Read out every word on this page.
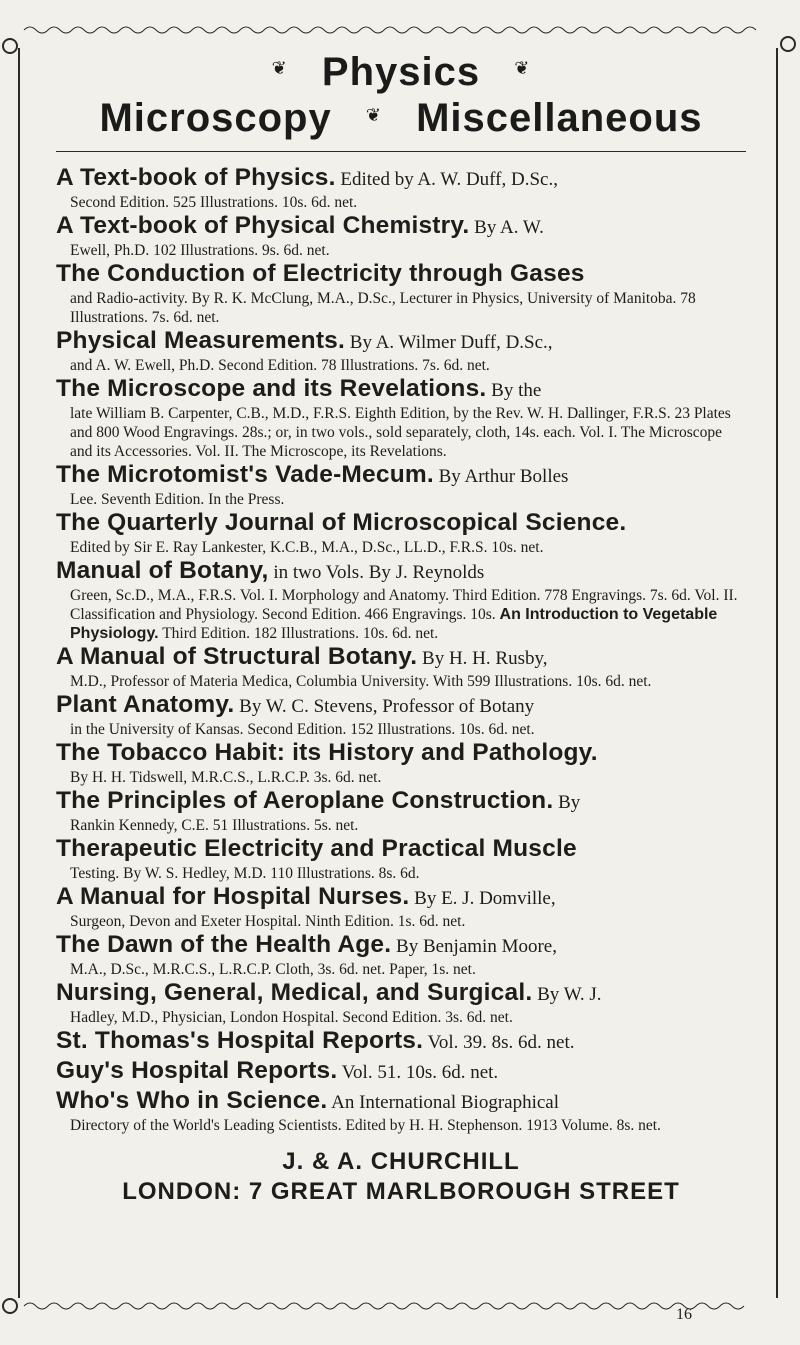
❦ Physics ❦
Microscopy ❦ Miscellaneous

A Text-book of Physics. Edited by A. W. Duff, D.Sc.,

Second Edition. 525 Illustrations. 10s. 6d. net.

A Text-book of Physical Chemistry. By A. W.

Ewell, Ph.D. 102 Illustrations. 9s. 6d. net.

The Conduction of Electricity through Gases

and Radio-activity. By R. K. McClung, M.A., D.Sc., Lecturer in Physics, University of Manitoba. 78 Illustrations. 7s. 6d. net.

Physical Measurements. By A. Wilmer Duff, D.Sc.,

and A. W. Ewell, Ph.D. Second Edition. 78 Illustrations. 7s. 6d. net.

The Microscope and its Revelations. By the

late William B. Carpenter, C.B., M.D., F.R.S. Eighth Edition, by the Rev. W. H. Dallinger, F.R.S. 23 Plates and 800 Wood Engravings. 28s.; or, in two vols., sold separately, cloth, 14s. each. Vol. I. The Microscope and its Accessories. Vol. II. The Microscope, its Revelations.

The Microtomist's Vade-Mecum. By Arthur Bolles

Lee. Seventh Edition. In the Press.

The Quarterly Journal of Microscopical Science.

Edited by Sir E. Ray Lankester, K.C.B., M.A., D.Sc., LL.D., F.R.S. 10s. net.

Manual of Botany, in two Vols. By J. Reynolds

Green, Sc.D., M.A., F.R.S. Vol. I. Morphology and Anatomy. Third Edition. 778 Engravings. 7s. 6d. Vol. II. Classification and Physiology. Second Edition. 466 Engravings. 10s. An Introduction to Vegetable Physiology. Third Edition. 182 Illustrations. 10s. 6d. net.

A Manual of Structural Botany. By H. H. Rusby,

M.D., Professor of Materia Medica, Columbia University. With 599 Illustrations. 10s. 6d. net.

Plant Anatomy. By W. C. Stevens, Professor of Botany

in the University of Kansas. Second Edition. 152 Illustrations. 10s. 6d. net.

The Tobacco Habit: its History and Pathology.

By H. H. Tidswell, M.R.C.S., L.R.C.P. 3s. 6d. net.

The Principles of Aeroplane Construction. By

Rankin Kennedy, C.E. 51 Illustrations. 5s. net.

Therapeutic Electricity and Practical Muscle

Testing. By W. S. Hedley, M.D. 110 Illustrations. 8s. 6d.

A Manual for Hospital Nurses. By E. J. Domville,

Surgeon, Devon and Exeter Hospital. Ninth Edition. 1s. 6d. net.

The Dawn of the Health Age. By Benjamin Moore,

M.A., D.Sc., M.R.C.S., L.R.C.P. Cloth, 3s. 6d. net. Paper, 1s. net.

Nursing, General, Medical, and Surgical. By W. J.

Hadley, M.D., Physician, London Hospital. Second Edition. 3s. 6d. net.

St. Thomas's Hospital Reports. Vol. 39. 8s. 6d. net.

Guy's Hospital Reports. Vol. 51. 10s. 6d. net.

Who's Who in Science. An International Biographical

Directory of the World's Leading Scientists. Edited by H. H. Stephenson. 1913 Volume. 8s. net.
J. & A. CHURCHILL
LONDON: 7 GREAT MARLBOROUGH STREET
16
